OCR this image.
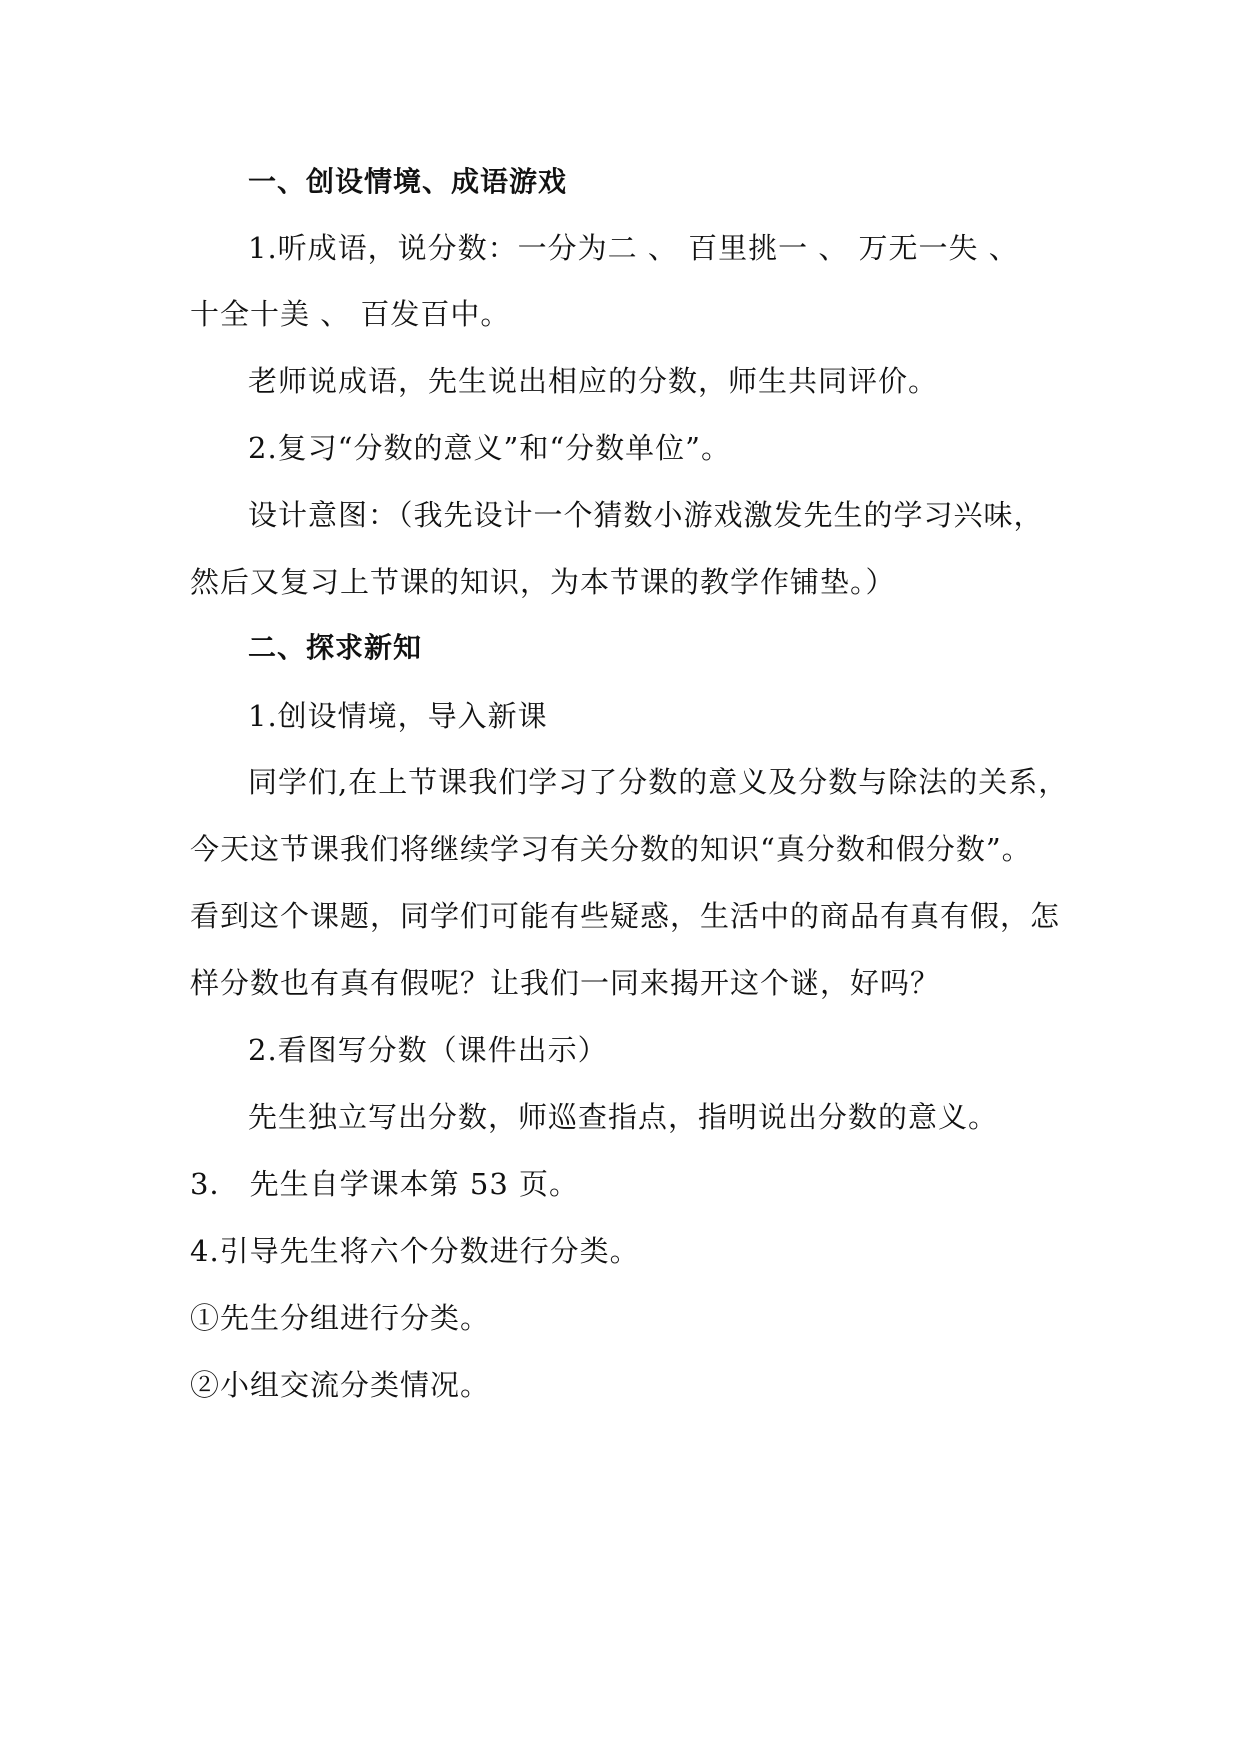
一、创设情境、成语游戏
1.听成语，说分数：一分为二 、 百里挑一 、 万无一失 、
十全十美 、 百发百中。
老师说成语，先生说出相应的分数，师生共同评价。
2.复习“分数的意义”和“分数单位”。
设计意图：（我先设计一个猜数小游戏激发先生的学习兴味，
然后又复习上节课的知识，为本节课的教学作铺垫。）
二、探求新知
1.创设情境，导入新课
同学们,在上节课我们学习了分数的意义及分数与除法的关系，
今天这节课我们将继续学习有关分数的知识“真分数和假分数”。
看到这个课题，同学们可能有些疑惑，生活中的商品有真有假，怎
样分数也有真有假呢？让我们一同来揭开这个谜，好吗？
2.看图写分数（课件出示）
先生独立写出分数，师巡查指点，指明说出分数的意义。
3． 先生自学课本第 53 页。
4.引导先生将六个分数进行分类。
①先生分组进行分类。
②小组交流分类情况。
